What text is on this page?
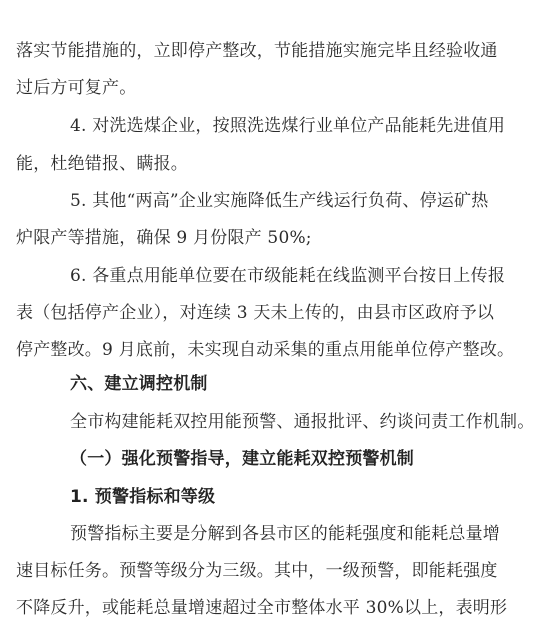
落实节能措施的，立即停产整改，节能措施实施完毕且经验收通
过后方可复产。
4. 对洗选煤企业，按照洗选煤行业单位产品能耗先进值用
能，杜绝错报、瞒报。
5. 其他“两高”企业实施降低生产线运行负荷、停运矿热
炉限产等措施，确保 9 月份限产 50%;
6. 各重点用能单位要在市级能耗在线监测平台按日上传报
表（包括停产企业），对连续 3 天未上传的，由县市区政府予以
停产整改。9 月底前，未实现自动采集的重点用能单位停产整改。
六、建立调控机制
全市构建能耗双控用能预警、通报批评、约谈问责工作机制。
（一）强化预警指导，建立能耗双控预警机制
1. 预警指标和等级
预警指标主要是分解到各县市区的能耗强度和能耗总量增
速目标任务。预警等级分为三级。其中，一级预警，即能耗强度
不降反升，或能耗总量增速超过全市整体水平 30%以上，表明形
